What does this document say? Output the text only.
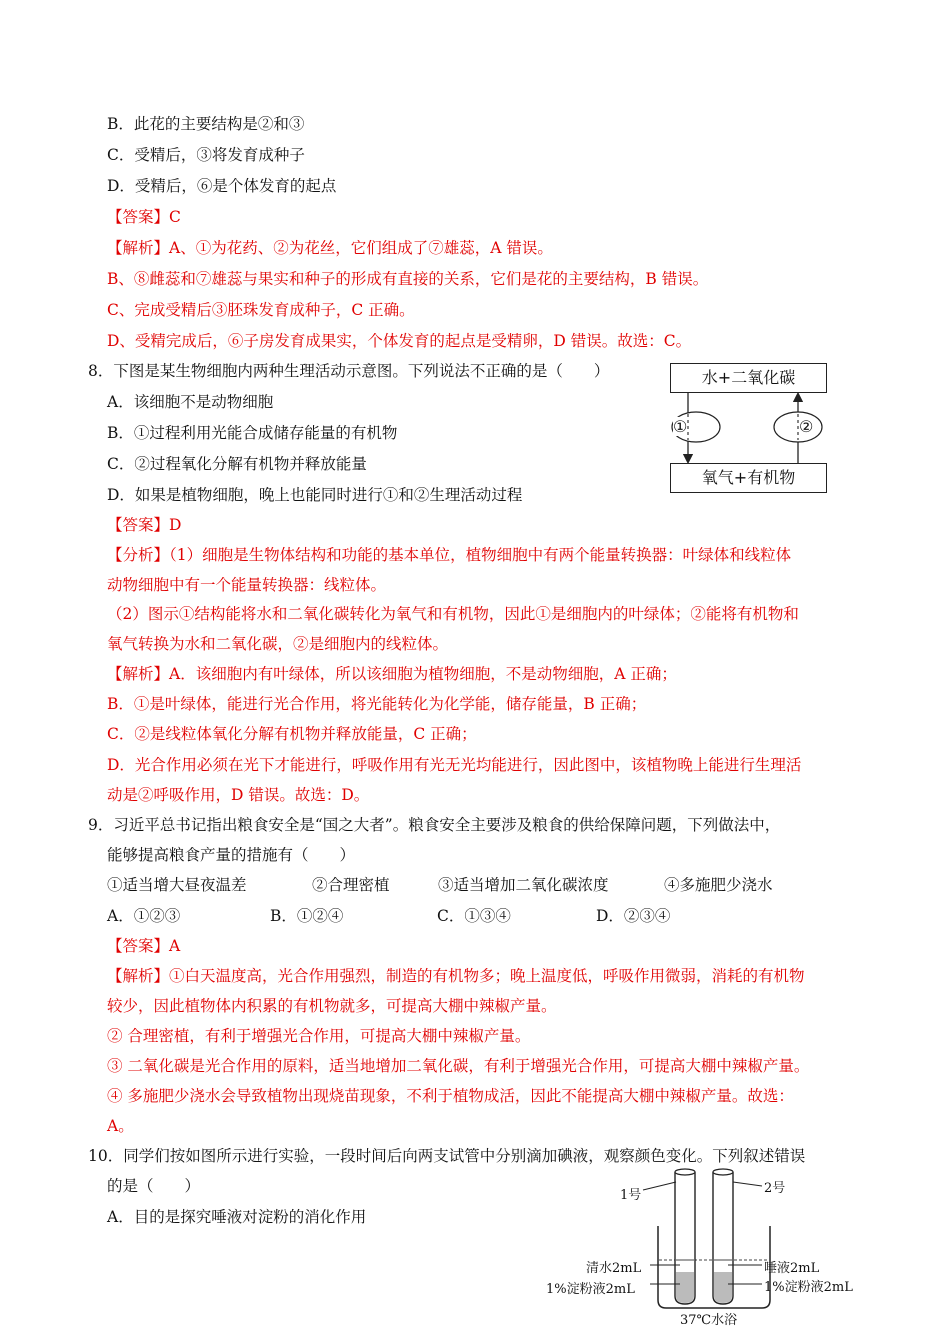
B．此花的主要结构是②和③
C．受精后，③将发育成种子
D．受精后，⑥是个体发育的起点
【答案】C
【解析】A、①为花药、②为花丝，它们组成了⑦雄蕊，A 错误。
B、⑧雌蕊和⑦雄蕊与果实和种子的形成有直接的关系，它们是花的主要结构，B 错误。
C、完成受精后③胚珠发育成种子，C 正确。
D、受精完成后，⑥子房发育成果实，个体发育的起点是受精卵，D 错误。故选：C。
8．下图是某生物细胞内两种生理活动示意图。下列说法不正确的是（　　）
A．该细胞不是动物细胞
B．①过程利用光能合成储存能量的有机物
C．②过程氧化分解有机物并释放能量
D．如果是植物细胞，晚上也能同时进行①和②生理活动过程
水+二氧化碳
氧气+有机物
①	②
【答案】D
【分析】（1）细胞是生物体结构和功能的基本单位，植物细胞中有两个能量转换器：叶绿体和线粒体
动物细胞中有一个能量转换器：线粒体。
（2）图示①结构能将水和二氧化碳转化为氧气和有机物，因此①是细胞内的叶绿体；②能将有机物和
氧气转换为水和二氧化碳，②是细胞内的线粒体。
【解析】A．该细胞内有叶绿体，所以该细胞为植物细胞，不是动物细胞，A 正确；
B．①是叶绿体，能进行光合作用，将光能转化为化学能，储存能量，B 正确；
C．②是线粒体氧化分解有机物并释放能量，C 正确；
D．光合作用必须在光下才能进行，呼吸作用有光无光均能进行，因此图中，该植物晚上能进行生理活
动是②呼吸作用，D 错误。故选：D。
9．习近平总书记指出粮食安全是“国之大者”。粮食安全主要涉及粮食的供给保障问题，下列做法中，
能够提高粮食产量的措施有（　　）
①适当增大昼夜温差	②合理密植	③适当增加二氧化碳浓度	④多施肥少浇水
A．①②③	B．①②④	C．①③④	D．②③④
【答案】A
【解析】①白天温度高，光合作用强烈，制造的有机物多；晚上温度低，呼吸作用微弱，消耗的有机物
较少，因此植物体内积累的有机物就多，可提高大棚中辣椒产量。
② 合理密植，有利于增强光合作用，可提高大棚中辣椒产量。
③ 二氧化碳是光合作用的原料，适当地增加二氧化碳，有利于增强光合作用，可提高大棚中辣椒产量。
④ 多施肥少浇水会导致植物出现烧苗现象，不利于植物成活，因此不能提高大棚中辣椒产量。故选：
A。
10．同学们按如图所示进行实验，一段时间后向两支试管中分别滴加碘液，观察颜色变化。下列叙述错误
的是（　　）
A．目的是探究唾液对淀粉的消化作用
1号	2号
清水2mL	唾液2mL
1%淀粉液2mL	1%淀粉液2mL
37℃水浴
